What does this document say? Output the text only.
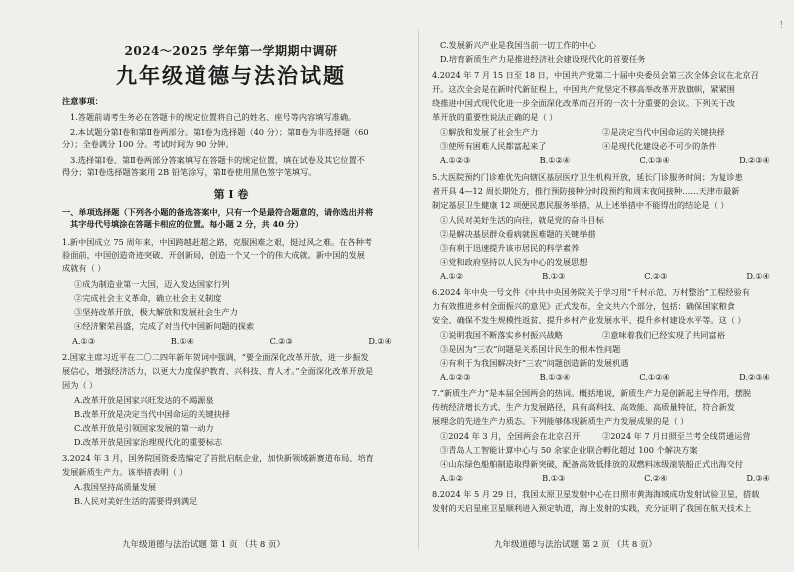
！
2024～2025 学年第一学期期中调研
九年级道德与法治试题
注意事项：
1.答题前请考生务必在答题卡的规定位置将自己的姓名、座号等内容填写准确。
2.本试题分第Ⅰ卷和第Ⅱ卷两部分。第Ⅰ卷为选择题（40 分）；第Ⅱ卷为非选择题（60
分）；全卷满分 100 分。考试时间为 90 分钟。
3.选择第Ⅰ卷、第Ⅱ卷两部分答案填写在答题卡的规定位置，填在试卷及其它位置不
得分；第Ⅰ卷选择题答案用 2B 铅笔涂写，第Ⅱ卷使用黑色签字笔填写。
第 Ⅰ 卷
一、单项选择题（下列各小题的备选答案中，只有一个是最符合题意的，请你选出并将
其字母代号填涂在答题卡相应的位置。每小题 2 分，共 40 分）
1.新中国成立 75 周年来，中国跨越赶超之路，克服困难之艰，挺过风之难。在各种考
验面前，中国创造奇迹突破、开创新局，创造一个又一个的伟大成就。新中国的发展
成就有（ ）
①成为制造业第一大国，迈入发达国家行列
②完成社会主义革命，确立社会主义制度
③坚持改革开放，极大解放和发展社会生产力
④经济繁荣昌盛，完成了对当代中国新问题的探索
A.①③	B.①④	C.②③	D.②④
2.国家主席习近平在二〇二四年新年贺词中强调，“要全面深化改革开放，进一步振发
展信心，增强经济活力，以更大力度保护教育、兴科技、育人才。”全面深化改革开放是
因为（ ）
A.改革开放是国家兴旺发达的不竭源泉
B.改革开放是决定当代中国命运的关键抉择
C.改革开放是引领国家发展的第一动力
D.改革开放是国家治理现代化的重要标志
3.2024 年 3 月，国务院国资委选编定了首批启航企业，加快新领域新赛道布局、培育
发展新质生产力。该举措表明（ ）
A.我国坚持高质量发展
B.人民对美好生活的需要得到满足
九年级道德与法治试题 第 1 页 （共 8 页）
C.发展新兴产业是我国当前一切工作的中心
D.培育新质生产力是推进经济社会建设现代化的首要任务
4.2024 年 7 月 15 日至 18 日，中国共产党第二十届中央委员会第三次全体会议在北京召
开。这次全会是在新时代新征程上，中国共产党坚定不移高举改革开放旗帜，紧紧围
绕推进中国式现代化进一步全面深化改革而召开的一次十分重要的会议。下列关于改
革开放的重要性说法正确的是（ ）
①解放和发展了社会生产力	②是决定当代中国命运的关键抉择
③使所有困难人民都富起来了	④是现代化建设必不可少的条件
A.①②③	B.①②④	C.①③④	D.②③④
5.大医院预约门诊难优先向辖区基层医疗卫生机构开放，延长门诊服务时间；为复诊患
者开具 4—12 周长期处方，推行预防接种分时段预约和周末夜间接种……天津市最新
制定基层卫生健康 12 项便民惠民服务举措，从上述举措中不能得出的结论是（ ）
①人民对美好生活的向往，就是党的奋斗目标
②是解决基层群众看病就医难题的关键举措
③有利于迅速提升该市居民的科学素养
④党和政府坚持以人民为中心的发展思想
A.①②	B.①③	C.②③	D.①④
6.2024 年中央一号文件《中共中央国务院关于学习用“千村示范、万村整治”工程经验有
力有效推进乡村全面振兴的意见》正式发布，全文共六个部分，包括：确保国家粮食
安全、确保不发生规模性返贫、提升乡村产业发展水平、提升乡村建设水平等。这（ ）
①说明我国不断落实乡村振兴战略	②意味着我们已经实现了共同富裕
③是因为“三农”问题是关系国计民生的根本性问题
④有利于为我国解决好“三农”问题创造新的发展机遇
A.①②③	B.①③④	C.①②④	D.②③④
7.“新质生产力”是本届全国两会的热词。概括地说，新质生产力是创新起主导作用，摆脱
传统经济增长方式、生产力发展路径，具有高科技、高效能、高质量特征，符合新发
展理念的先进生产力质态。下列能够体现新质生产力发展成果的是（ ）
①2024 年 3 月，全国两会在北京召开	②2024 年 7 月日照至兰考全线贯通运营
③青岛人工智能计算中心与 50 余家企业联合孵化超过 100 个解决方案
④山东绿色船舶制造取得新突破，配备高效低排放的双燃料冰级滚装船正式出海交付
A.①②	B.①③	C.②④	D.③④
8.2024 年 5 月 29 日，我国太原卫星发射中心在日照市黄海海域成功发射试验卫星，搭载
发射的天启星座卫星顺利进入预定轨道，海上发射的实践，充分证明了我国在航天技术上
九年级道德与法治试题 第 2 页 （共 8 页）
